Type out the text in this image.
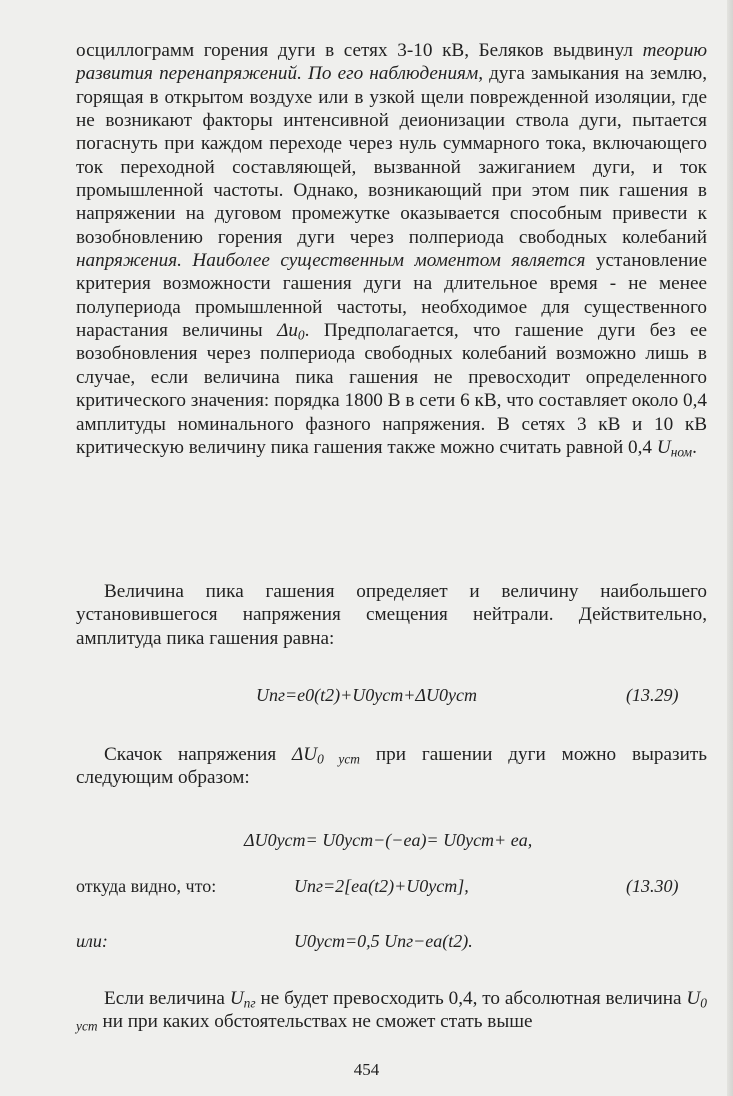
осциллограмм горения дуги в сетях 3-10 кВ, Беляков выдвинул теорию развития перенапряжений. По его наблюдениям, дуга замыкания на землю, горящая в открытом воздухе или в узкой щели поврежденной изоляции, где не возникают факторы интенсивной деионизации ствола дуги, пытается погаснуть при каждом переходе через нуль суммарного тока, включающего ток переходной составляющей, вызванной зажиганием дуги, и ток промышленной частоты. Однако, возникающий при этом пик гашения в напряжении на дуговом промежутке оказывается способным привести к возобновлению горения дуги через полпериода свободных колебаний напряжения. Наиболее существенным моментом является установление критерия возможности гашения дуги на длительное время - не менее полупериода промышленной частоты, необходимое для существенного нарастания величины $\Delta u_0$. Предполагается, что гашение дуги без ее возобновления через полпериода свободных колебаний возможно лишь в случае, если величина пика гашения не превосходит определенного критического значения: порядка 1800 В в сети 6 кВ, что составляет около 0,4 амплитуды номинального фазного напряжения. В сетях 3 кВ и 10 кВ критическую величину пика гашения также можно считать равной 0,4 $U_{ном}$.

Величина пика гашения определяет и величину наибольшего установившегося напряжения смещения нейтрали. Действительно, амплитуда пика гашения равна:

Uпг=e0(t2)+U0уст+ΔU0уст	(13.29)

Скачок напряжения $\Delta U_{0 уст}$ при гашении дуги можно выразить следующим образом:

ΔU0уст= U0уст−(−ea)= U0уст+ ea,
откуда видно, что:	Uпг=2[ea(t2)+U0уст],	(13.30)
или:	U0уст=0,5 Uпг−ea(t2).

Если величина $U_{пг}$ не будет превосходить 0,4, то абсолютная величина $U_{0 уст}$ ни при каких обстоятельствах не сможет стать выше

454
